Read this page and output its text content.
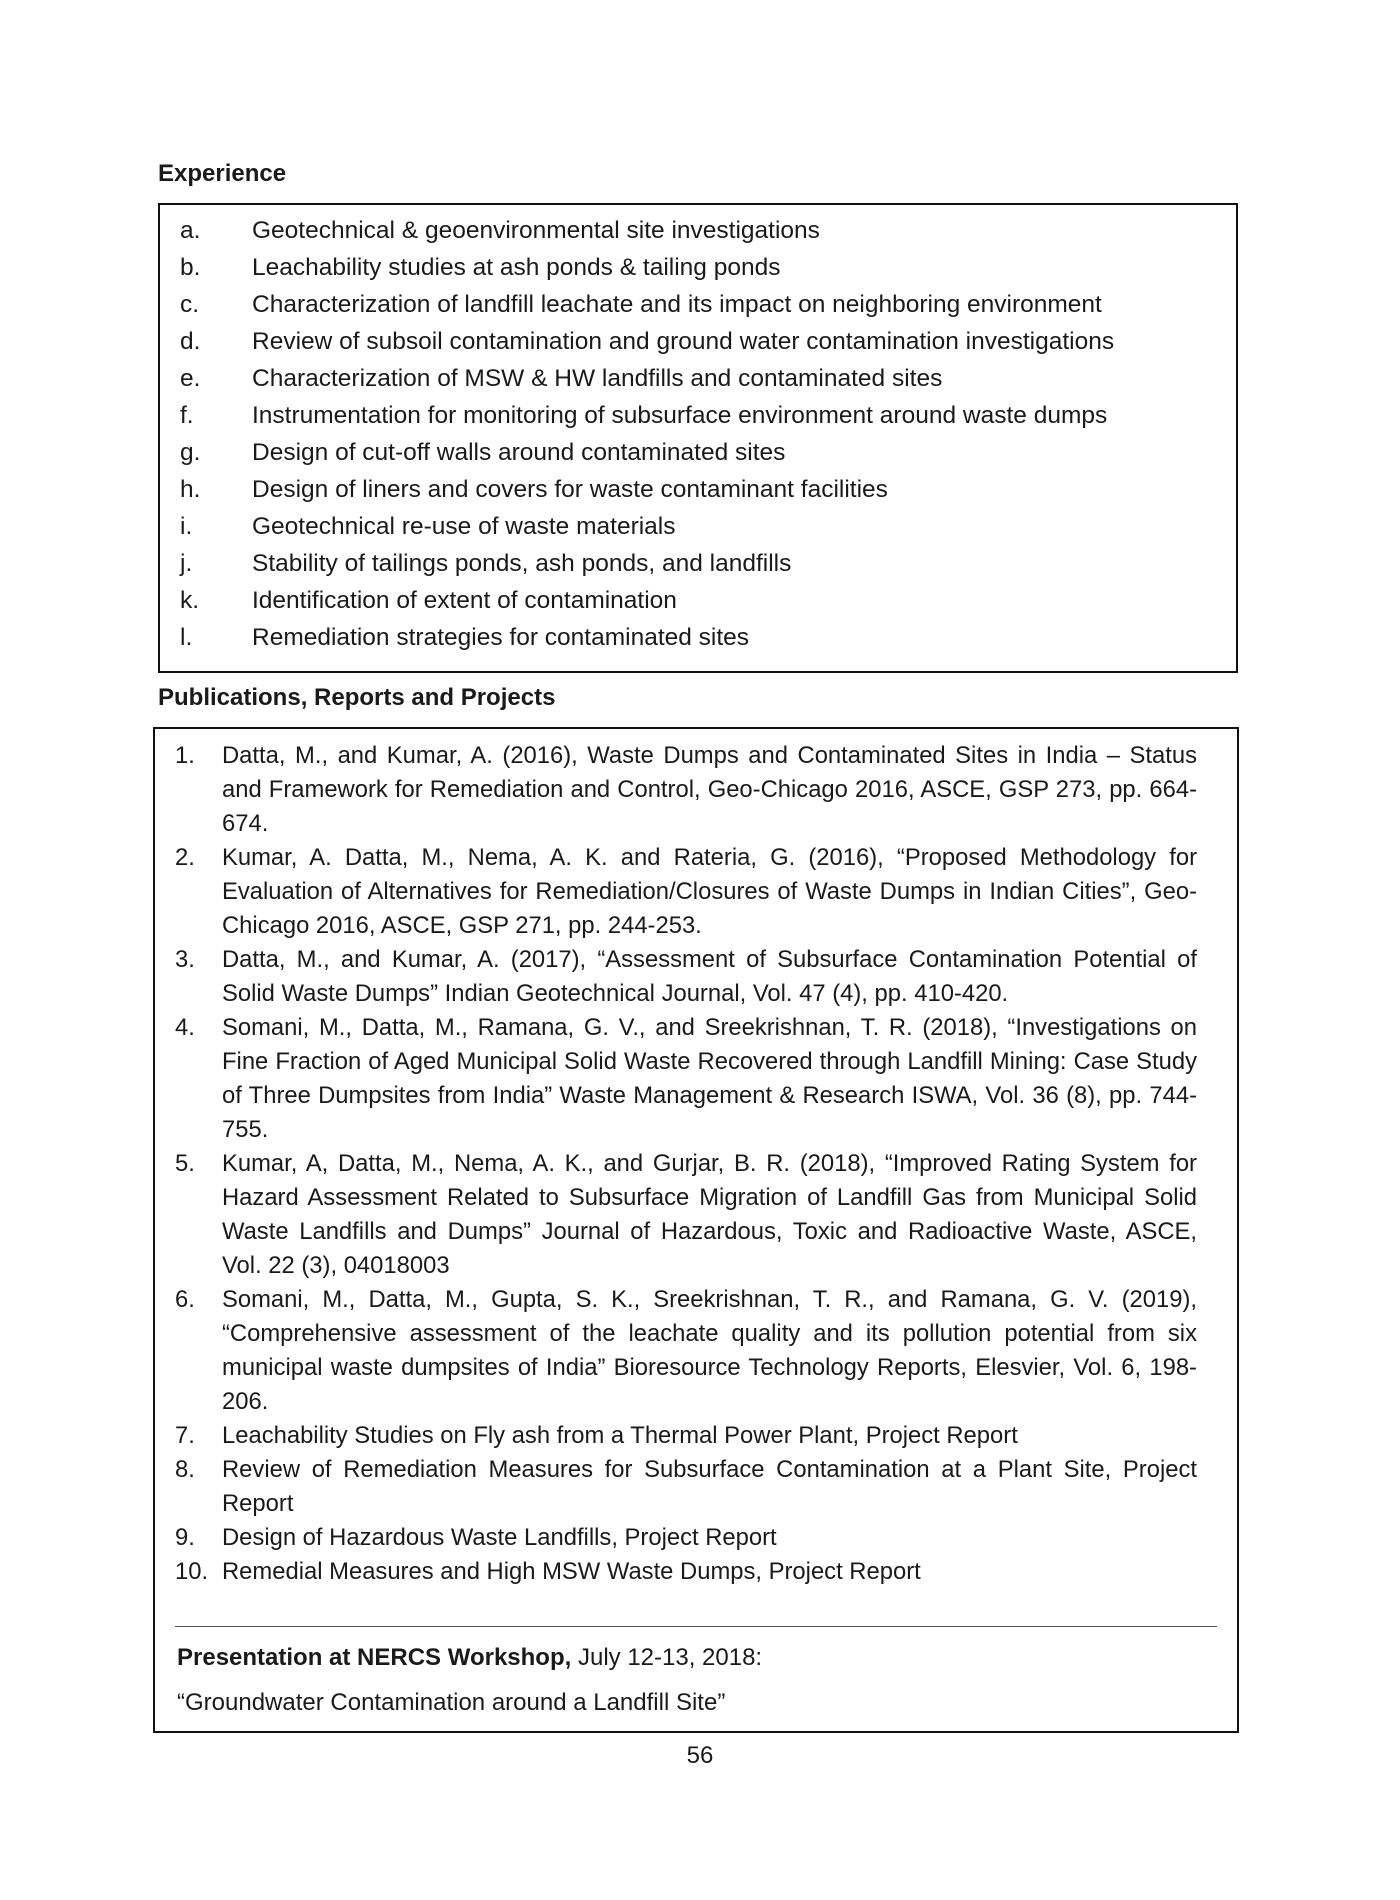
Experience
a.	Geotechnical & geoenvironmental site investigations
b.	Leachability studies at ash ponds & tailing ponds
c.	Characterization of landfill leachate and its impact on neighboring environment
d.	Review of subsoil contamination and ground water contamination investigations
e.	Characterization of MSW & HW landfills and contaminated sites
f.	Instrumentation for monitoring of subsurface environment around waste dumps
g.	Design of cut-off walls around contaminated sites
h.	Design of liners and covers for waste contaminant facilities
i.	Geotechnical re-use of waste materials
j.	Stability of tailings ponds, ash ponds, and landfills
k.	Identification of extent of contamination
l.	Remediation strategies for contaminated sites
Publications, Reports and Projects
1.	Datta, M., and Kumar, A. (2016), Waste Dumps and Contaminated Sites in India – Status and Framework for Remediation and Control, Geo-Chicago 2016, ASCE, GSP 273, pp. 664-674.
2.	Kumar, A. Datta, M., Nema, A. K. and Rateria, G. (2016), “Proposed Methodology for Evaluation of Alternatives for Remediation/Closures of Waste Dumps in Indian Cities”, Geo-Chicago 2016, ASCE, GSP 271, pp. 244-253.
3.	Datta, M., and Kumar, A. (2017), “Assessment of Subsurface Contamination Potential of Solid Waste Dumps” Indian Geotechnical Journal, Vol. 47 (4), pp. 410-420.
4.	Somani, M., Datta, M., Ramana, G. V., and Sreekrishnan, T. R. (2018), “Investigations on Fine Fraction of Aged Municipal Solid Waste Recovered through Landfill Mining: Case Study of Three Dumpsites from India” Waste Management & Research ISWA, Vol. 36 (8), pp. 744-755.
5.	Kumar, A, Datta, M., Nema, A. K., and Gurjar, B. R. (2018), “Improved Rating System for Hazard Assessment Related to Subsurface Migration of Landfill Gas from Municipal Solid Waste Landfills and Dumps” Journal of Hazardous, Toxic and Radioactive Waste, ASCE, Vol. 22 (3), 04018003
6.	Somani, M., Datta, M., Gupta, S. K., Sreekrishnan, T. R., and Ramana, G. V. (2019), “Comprehensive assessment of the leachate quality and its pollution potential from six municipal waste dumpsites of India” Bioresource Technology Reports, Elesvier, Vol. 6, 198-206.
7.	Leachability Studies on Fly ash from a Thermal Power Plant, Project Report
8.	Review of Remediation Measures for Subsurface Contamination at a Plant Site, Project Report
9.	Design of Hazardous Waste Landfills, Project Report
10. Remedial Measures and High MSW Waste Dumps, Project Report
Presentation at NERCS Workshop, July 12-13, 2018:
“Groundwater Contamination around a Landfill Site”
56
